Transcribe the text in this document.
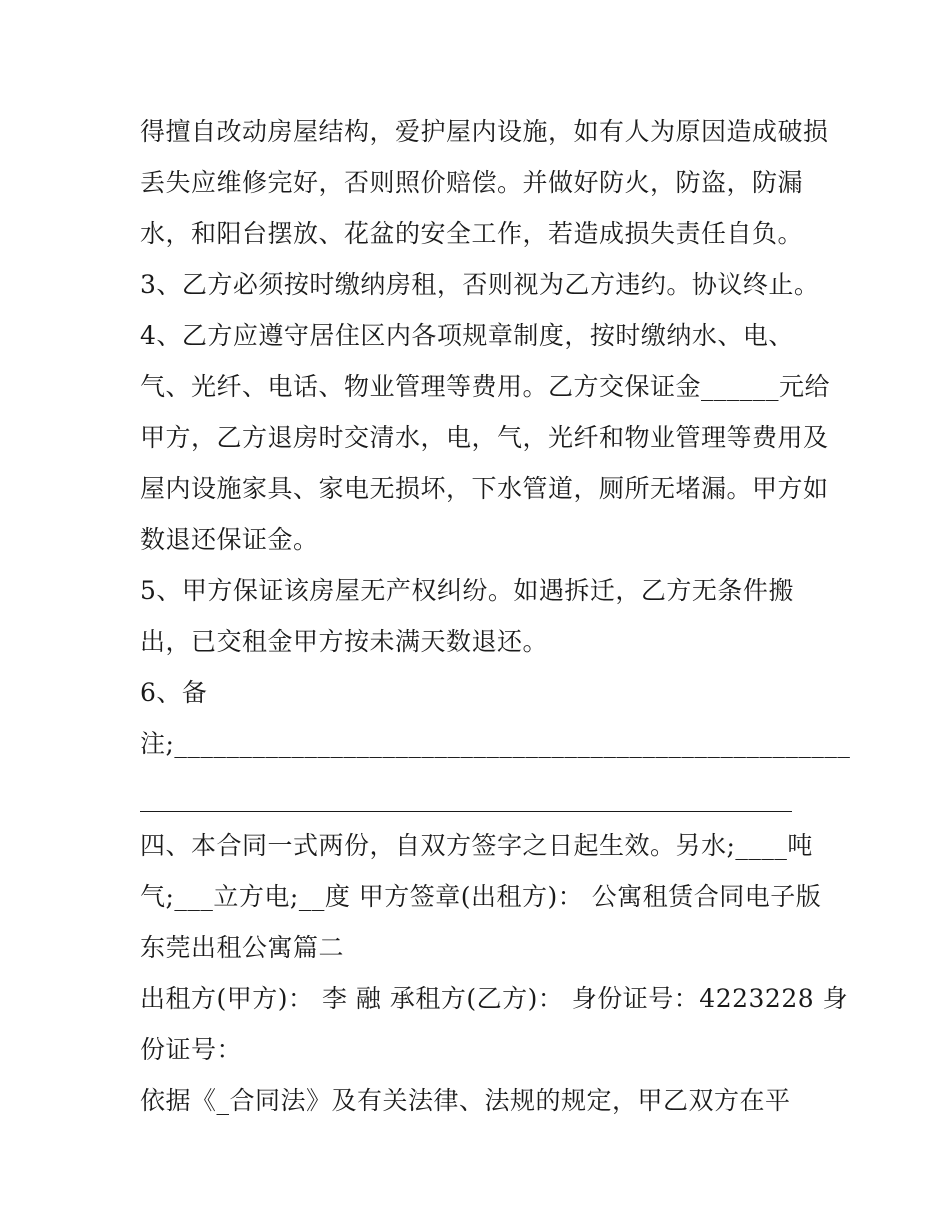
得擅自改动房屋结构，爱护屋内设施，如有人为原因造成破损
丢失应维修完好，否则照价赔偿。并做好防火，防盗，防漏
水，和阳台摆放、花盆的安全工作，若造成损失责任自负。
3、乙方必须按时缴纳房租，否则视为乙方违约。协议终止。
4、乙方应遵守居住区内各项规章制度，按时缴纳水、电、
气、光纤、电话、物业管理等费用。乙方交保证金______元给
甲方，乙方退房时交清水，电，气，光纤和物业管理等费用及
屋内设施家具、家电无损坏，下水管道，厕所无堵漏。甲方如
数退还保证金。
5、甲方保证该房屋无产权纠纷。如遇拆迁，乙方无条件搬
出，已交租金甲方按未满天数退还。
6、备
注;____________________________________________________
四、本合同一式两份，自双方签字之日起生效。另水;____吨
气;___立方电;__度 甲方签章(出租方)： 公寓租赁合同电子版
东莞出租公寓篇二
出租方(甲方)： 李 融 承租方(乙方)： 身份证号：4223228 身
份证号：
依据《_合同法》及有关法律、法规的规定，甲乙双方在平
